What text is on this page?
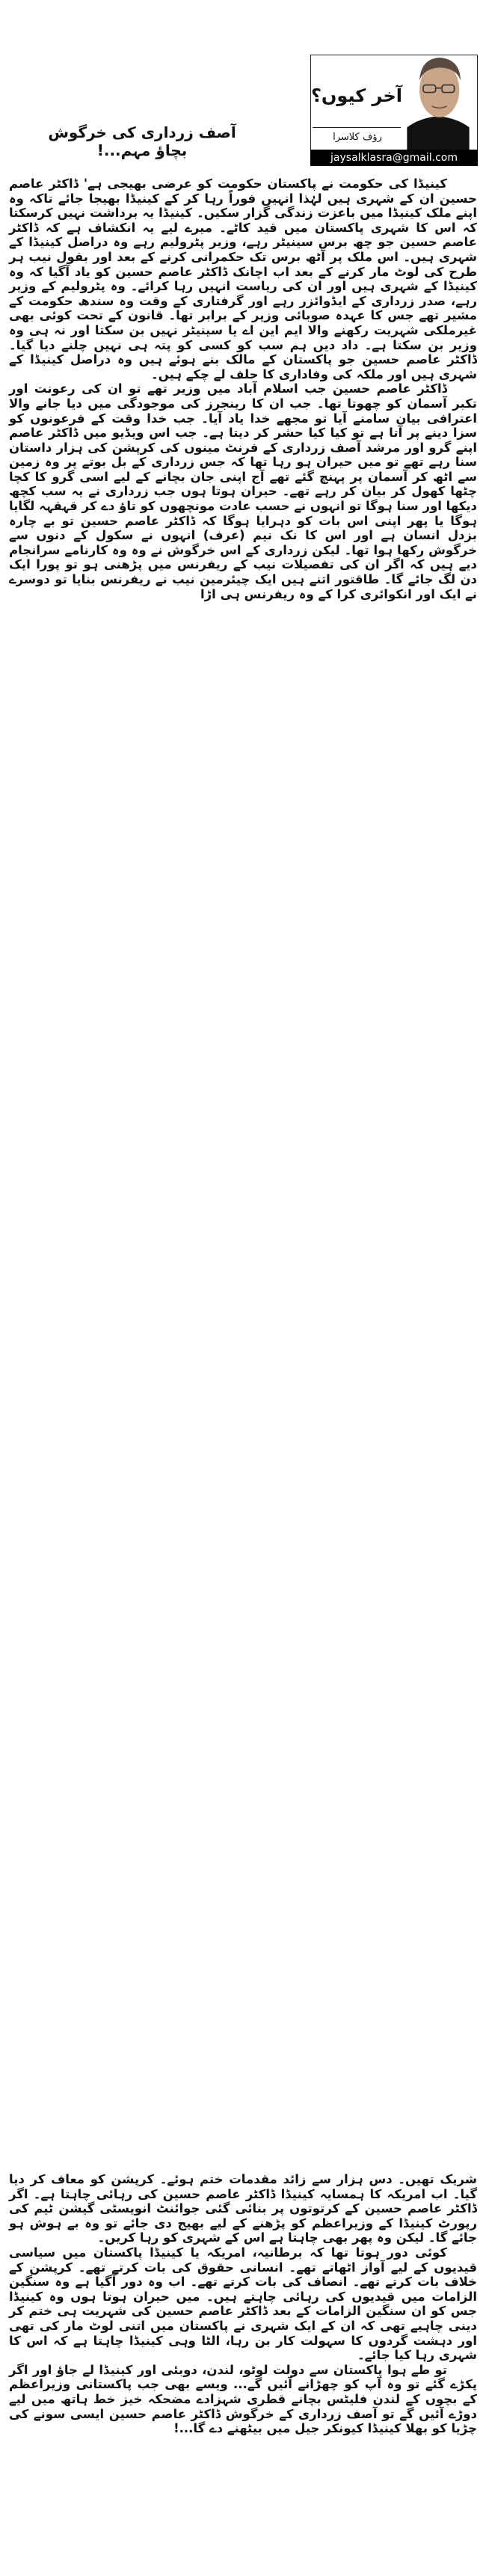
آخر کیوں؟
رؤف کلاسرا
jaysalklasra@gmail.com
آصف زرداری کی خرگوش بچاؤ مہم...!

کینیڈا کی حکومت نے پاکستان حکومت کو عرضی بھیجی ہے' ڈاکٹر عاصم حسین ان کے شہری ہیں لہٰذا انہیں فوراً رہا کر کے کینیڈا بھیجا جائے تاکہ وہ اپنے ملک کینیڈا میں باعزت زندگی گزار سکیں۔ کینیڈا یہ برداشت نہیں کرسکتا کہ اس کا شہری پاکستان میں قید کاٹے۔ میرے لیے یہ انکشاف ہے کہ ڈاکٹر عاصم حسین جو چھ برس سینیٹر رہے، وزیر پٹرولیم رہے وہ دراصل کینیڈا کے شہری ہیں۔ اس ملک پر آٹھ برس تک حکمرانی کرنے کے بعد اور بقول نیب ہر طرح کی لوٹ مار کرنے کے بعد اب اچانک ڈاکٹر عاصم حسین کو یاد آگیا کہ وہ کینیڈا کے شہری ہیں اور ان کی ریاست انہیں رہا کرائے۔ وہ پٹرولیم کے وزیر رہے، صدر زرداری کے ایڈوائزر رہے اور گرفتاری کے وقت وہ سندھ حکومت کے مشیر تھے جس کا عہدہ صوبائی وزیر کے برابر تھا۔ قانون کے تحت کوئی بھی غیرملکی شہریت رکھنے والا ایم این اے یا سینیٹر نہیں بن سکتا اور نہ ہی وہ وزیر بن سکتا ہے۔ داد دیں ہم سب کو کسی کو پتہ ہی نہیں چلنے دیا گیا۔ ڈاکٹر عاصم حسین جو پاکستان کے مالک بنے ہوئے ہیں وہ دراصل کینیڈا کے شہری ہیں اور ملکہ کی وفاداری کا حلف لے چکے ہیں۔

ڈاکٹر عاصم حسین جب اسلام آباد میں وزیر تھے تو ان کی رعونت اور تکبر آسمان کو چھوتا تھا۔ جب ان کا رینجرز کی موجودگی میں دیا جانے والا اعترافی بیان سامنے آیا تو مجھے خدا یاد آیا۔ جب خدا وقت کے فرعونوں کو سزا دینے پر آتا ہے تو کیا کیا حشر کر دیتا ہے۔ جب اس ویڈیو میں ڈاکٹر عاصم اپنے گرو اور مرشد آصف زرداری کے فرنٹ مینوں کی کرپشن کی ہزار داستان سنا رہے تھے تو میں حیران ہو رہا تھا کہ جس زرداری کے بل بوتے پر وہ زمین سے اٹھ کر آسمان پر پہنچ گئے تھے آج اپنی جان بچانے کے لیے اسی گرو کا کچا چٹھا کھول کر بیان کر رہے تھے۔ حیران ہوتا ہوں جب زرداری نے یہ سب کچھ دیکھا اور سنا ہوگا تو انہوں نے حسب عادت مونچھوں کو تاؤ دے کر قہقہہ لگایا ہوگا یا پھر اپنی اس بات کو دہرایا ہوگا کہ ڈاکٹر عاصم حسین تو بے چارہ بزدل انسان ہے اور اس کا نک نیم (عرف) انہوں نے سکول کے دنوں سے خرگوش رکھا ہوا تھا۔ لیکن زرداری کے اس خرگوش نے وہ وہ کارنامے سرانجام دیے ہیں کہ اگر ان کی تفصیلات نیب کے ریفرنس میں پڑھنی ہو تو پورا ایک دن لگ جائے گا۔ طاقتور اتنے ہیں ایک چیئرمین نیب نے ریفرنس بنایا تو دوسرے نے ایک اور انکوائری کرا کے وہ ریفرنس ہی اڑا

شریک تھیں۔ دس ہزار سے زائد مقدمات ختم ہوئے۔ کرپشن کو معاف کر دیا گیا۔ اب امریکہ کا ہمسایہ کینیڈا ڈاکٹر عاصم حسین کی رہائی چاہتا ہے۔ اگر ڈاکٹر عاصم حسین کے کرتوتوں پر بنائی گئی جوائنٹ انویسٹی گیشن ٹیم کی رپورٹ کینیڈا کے وزیراعظم کو پڑھنے کے لیے بھیج دی جائے تو وہ بے ہوش ہو جائے گا۔ لیکن وہ پھر بھی چاہتا ہے اس کے شہری کو رہا کریں۔

کوئی دور ہوتا تھا کہ برطانیہ، امریکہ یا کینیڈا پاکستان میں سیاسی قیدیوں کے لیے آواز اٹھاتے تھے۔ انسانی حقوق کی بات کرتے تھے۔ کرپشن کے خلاف بات کرتے تھے۔ انصاف کی بات کرتے تھے۔ اب وہ دور آگیا ہے وہ سنگین الزامات میں قیدیوں کی رہائی چاہتے ہیں۔ میں حیران ہوتا ہوں وہ کینیڈا جس کو ان سنگین الزامات کے بعد ڈاکٹر عاصم حسین کی شہریت ہی ختم کر دینی چاہیے تھی کہ ان کے ایک شہری نے پاکستان میں اتنی لوٹ مار کی تھی اور دہشت گردوں کا سہولت کار بن رہا، الٹا وہی کینیڈا چاہتا ہے کہ اس کا شہری رہا کیا جائے۔

تو طے ہوا پاکستان سے دولت لوٹو، لندن، دوبئی اور کینیڈا لے جاؤ اور اگر پکڑے گئے تو وہ آپ کو چھڑانے آئیں گے... ویسے بھی جب پاکستانی وزیراعظم کے بچوں کے لندن فلیٹس بچانے قطری شہزادے مضحکہ خیز خط ہاتھ میں لیے دوڑے آئیں گے تو آصف زرداری کے خرگوش ڈاکٹر عاصم حسین ایسی سونے کی چڑیا کو بھلا کینیڈا کیونکر جیل میں بیٹھنے دے گا...!
